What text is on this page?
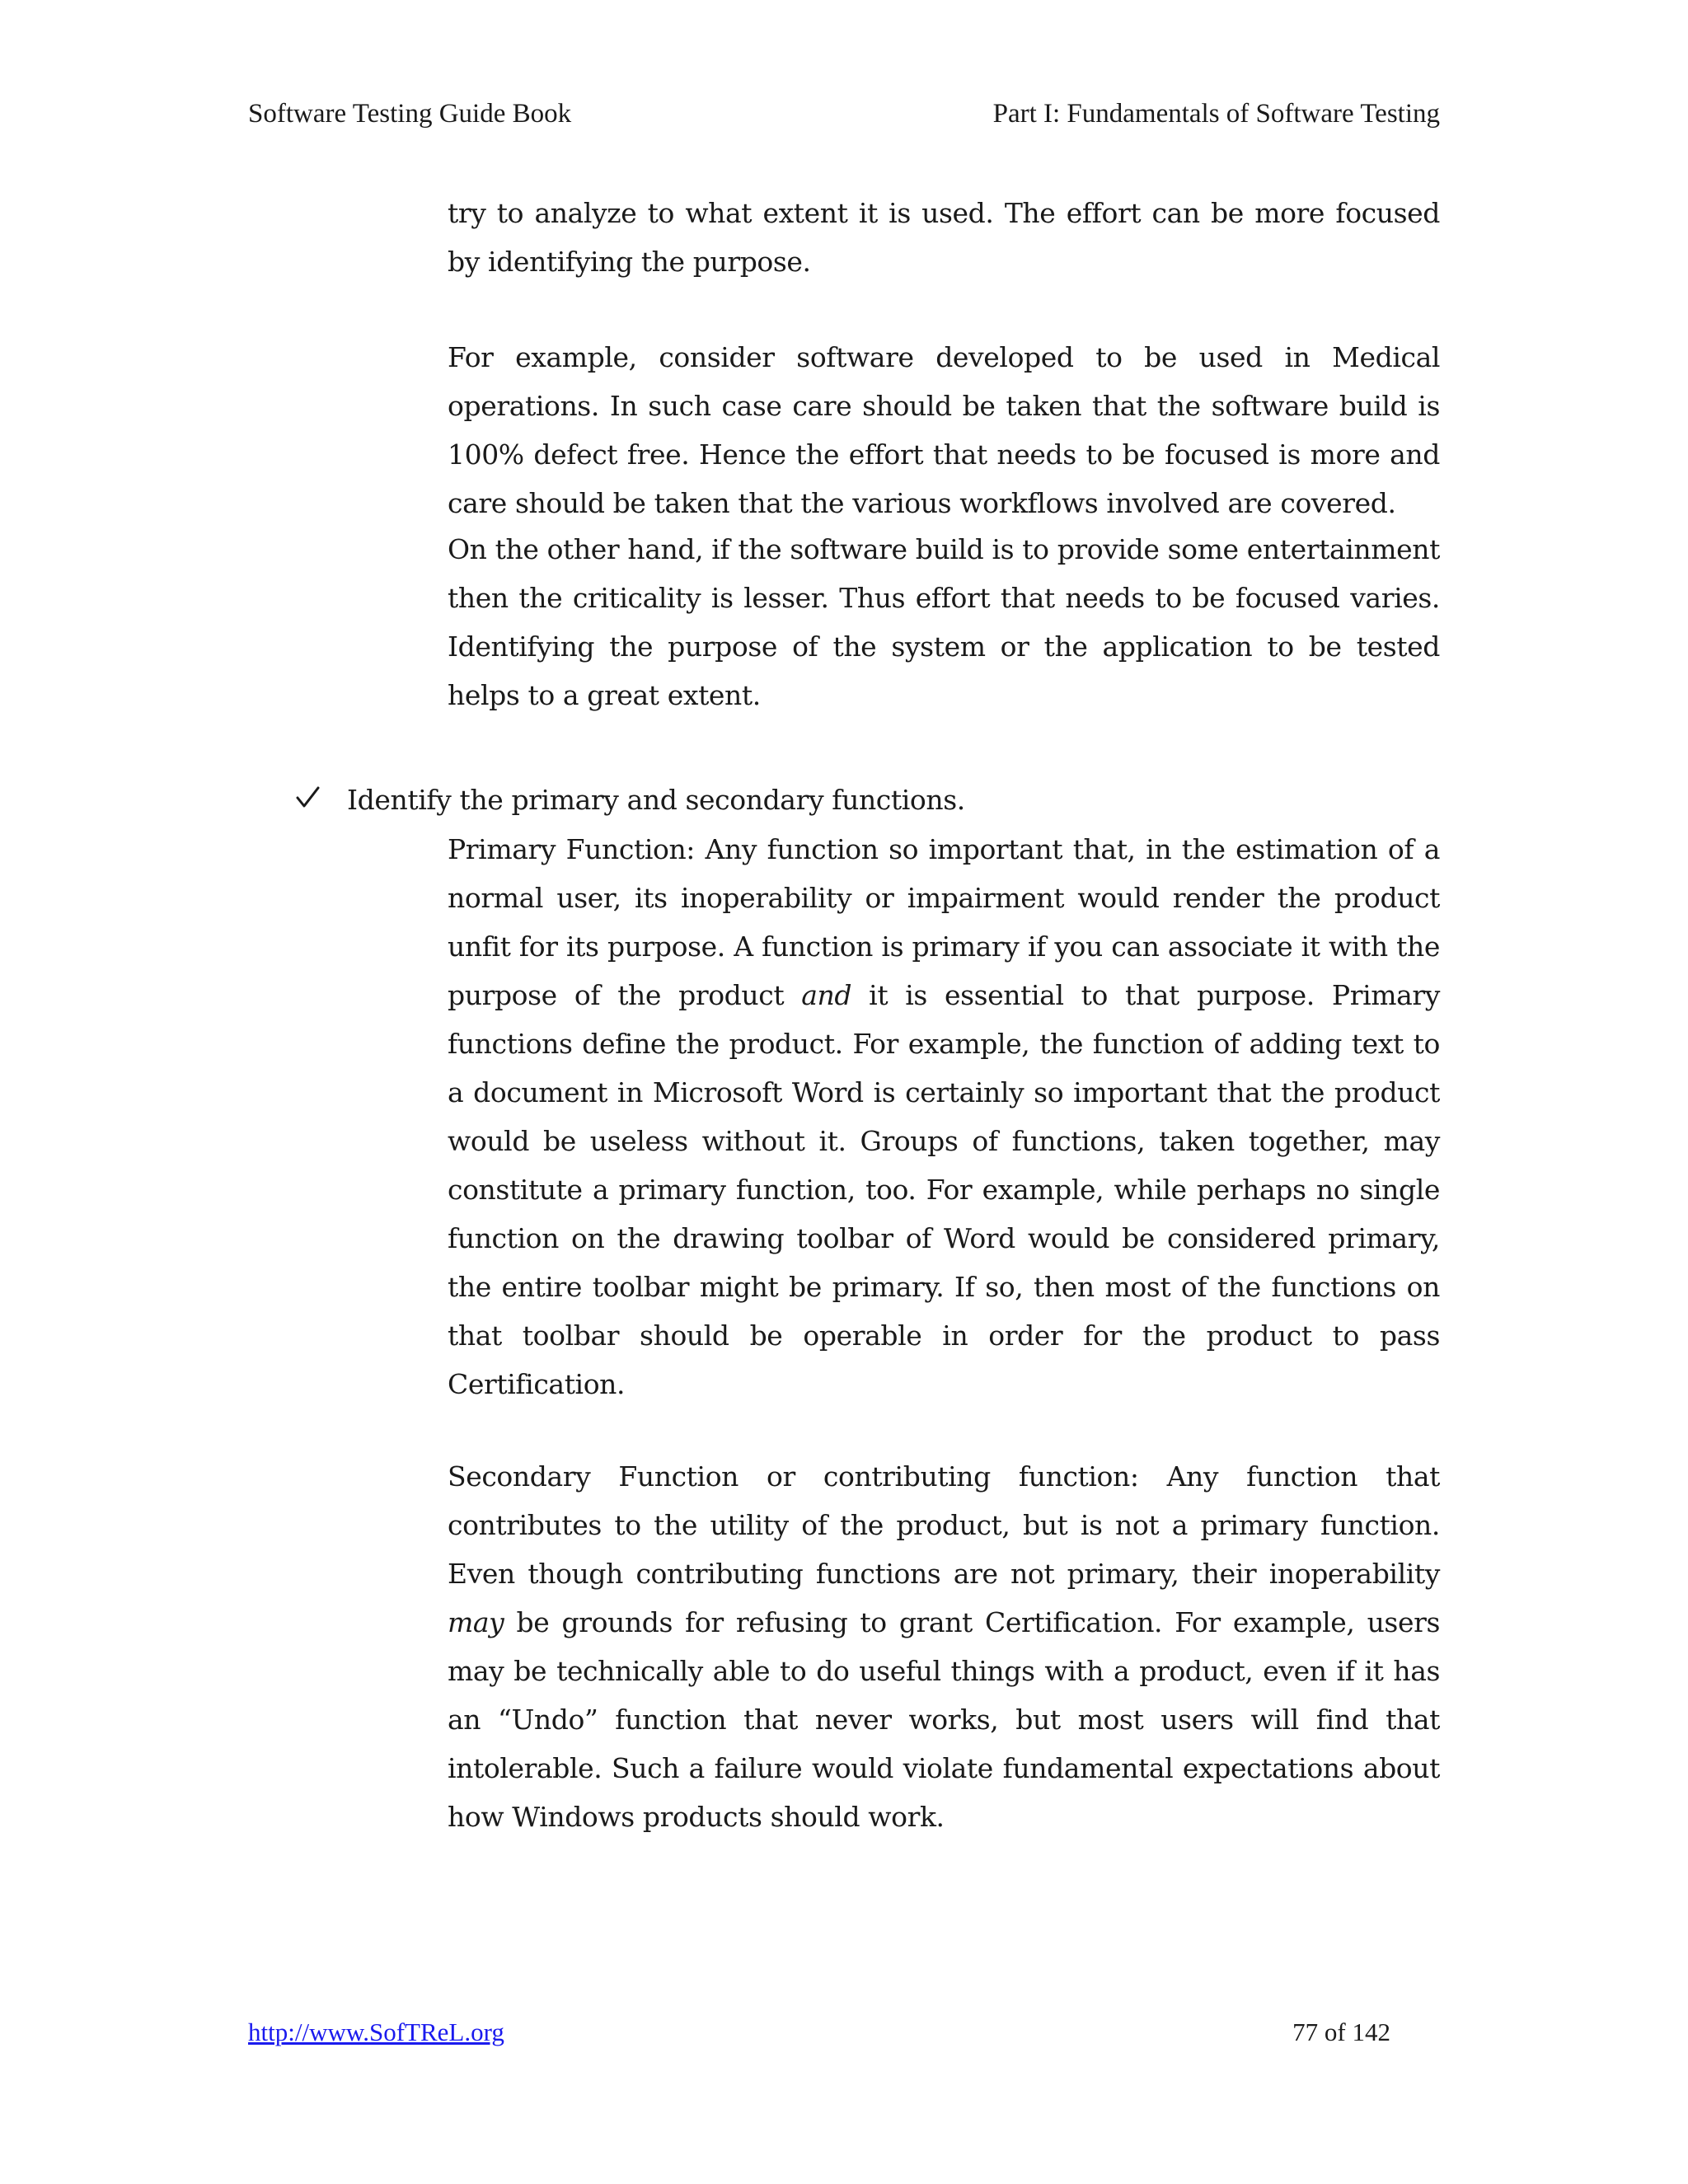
Software Testing Guide Book	Part I: Fundamentals of Software Testing

try to analyze to what extent it is used. The effort can be more focused by identifying the purpose.

For example, consider software developed to be used in Medical operations. In such case care should be taken that the software build is 100% defect free. Hence the effort that needs to be focused is more and care should be taken that the various workflows involved are covered.

On the other hand, if the software build is to provide some entertainment then the criticality is lesser. Thus effort that needs to be focused varies. Identifying the purpose of the system or the application to be tested helps to a great extent.

Identify the primary and secondary functions.

Primary Function: Any function so important that, in the estimation of a normal user, its inoperability or impairment would render the product unfit for its purpose. A function is primary if you can associate it with the purpose of the product and it is essential to that purpose. Primary functions define the product. For example, the function of adding text to a document in Microsoft Word is certainly so important that the product would be useless without it. Groups of functions, taken together, may constitute a primary function, too. For example, while perhaps no single function on the drawing toolbar of Word would be considered primary, the entire toolbar might be primary. If so, then most of the functions on that toolbar should be operable in order for the product to pass Certification.

Secondary Function or contributing function: Any function that contributes to the utility of the product, but is not a primary function. Even though contributing functions are not primary, their inoperability may be grounds for refusing to grant Certification. For example, users may be technically able to do useful things with a product, even if it has an “Undo” function that never works, but most users will find that intolerable. Such a failure would violate fundamental expectations about how Windows products should work.

http://www.SofTReL.org	77 of 142
